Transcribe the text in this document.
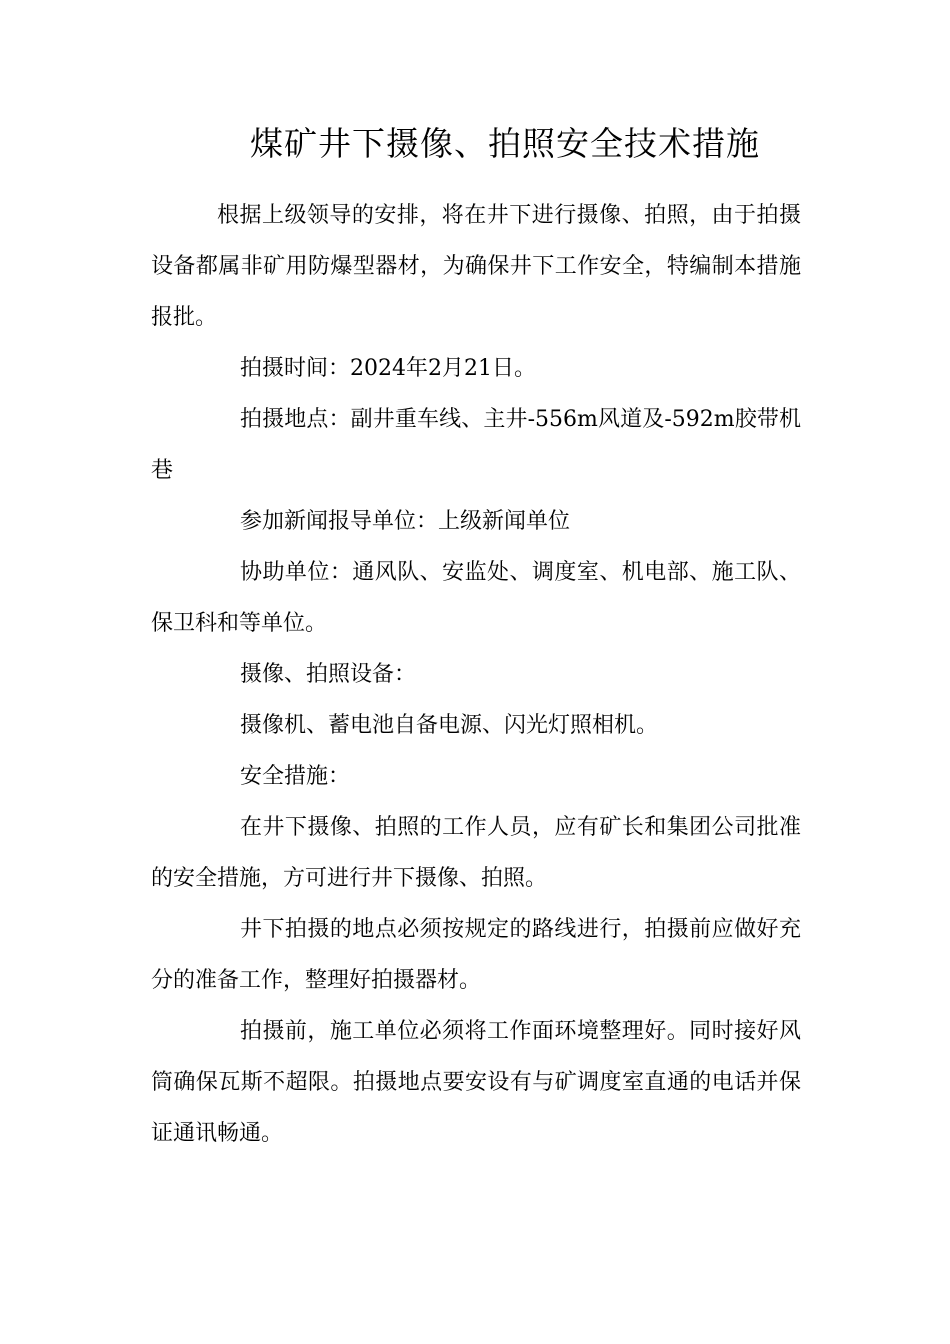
煤矿井下摄像、拍照安全技术措施

根据上级领导的安排，将在井下进行摄像、拍照，由于拍摄设备都属非矿用防爆型器材，为确保井下工作安全，特编制本措施报批。

拍摄时间：2024年2月21日。

拍摄地点：副井重车线、主井-556m风道及-592m胶带机巷

参加新闻报导单位：上级新闻单位

协助单位：通风队、安监处、调度室、机电部、施工队、保卫科和等单位。

摄像、拍照设备：

摄像机、蓄电池自备电源、闪光灯照相机。

安全措施：

在井下摄像、拍照的工作人员，应有矿长和集团公司批准的安全措施，方可进行井下摄像、拍照。

井下拍摄的地点必须按规定的路线进行，拍摄前应做好充分的准备工作，整理好拍摄器材。

拍摄前，施工单位必须将工作面环境整理好。同时接好风筒确保瓦斯不超限。拍摄地点要安设有与矿调度室直通的电话并保证通讯畅通。
